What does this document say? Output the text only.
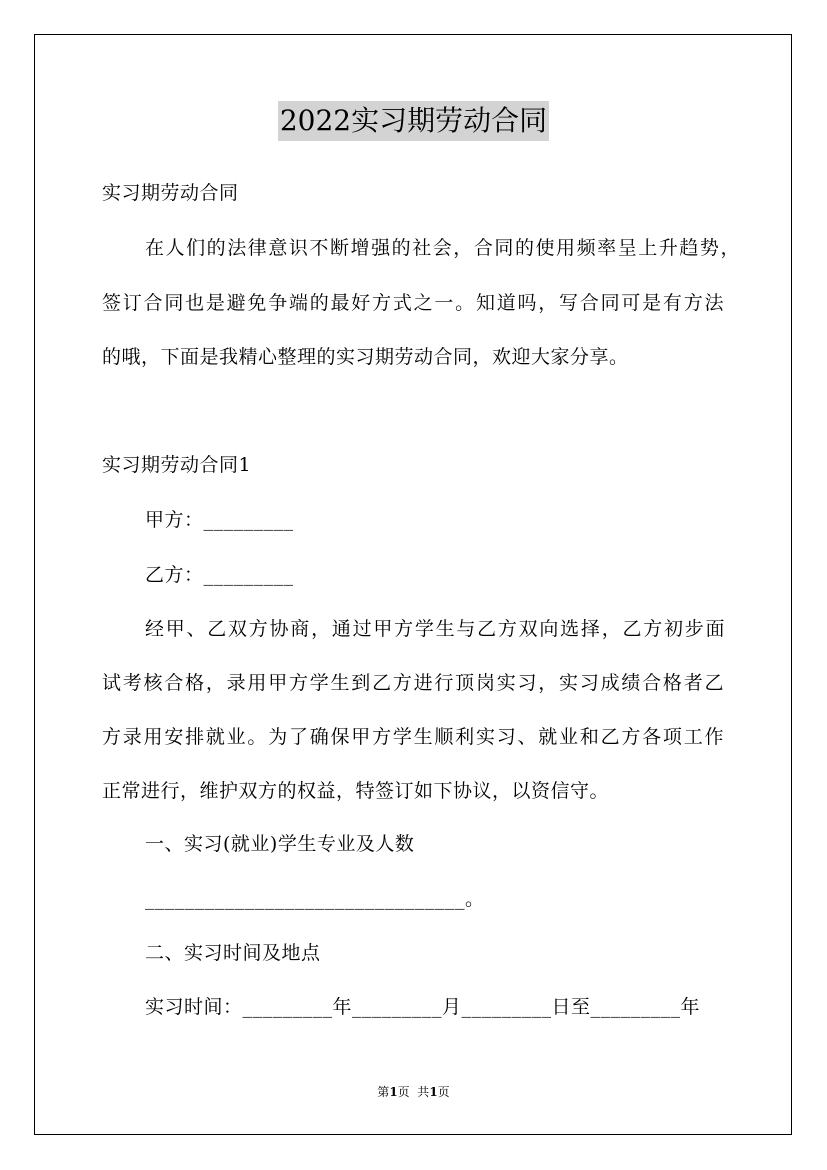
2022实习期劳动合同
实习期劳动合同
在人们的法律意识不断增强的社会，合同的使用频率呈上升趋势，
签订合同也是避免争端的最好方式之一。知道吗，写合同可是有方法
的哦，下面是我精心整理的实习期劳动合同，欢迎大家分享。
实习期劳动合同1
甲方：_________
乙方：_________
经甲、乙双方协商，通过甲方学生与乙方双向选择，乙方初步面
试考核合格，录用甲方学生到乙方进行顶岗实习，实习成绩合格者乙
方录用安排就业。为了确保甲方学生顺利实习、就业和乙方各项工作
正常进行，维护双方的权益，特签订如下协议，以资信守。
一、实习(就业)学生专业及人数
________________________________。
二、实习时间及地点
实习时间：_________年_________月_________日至_________年
第1页  共1页
